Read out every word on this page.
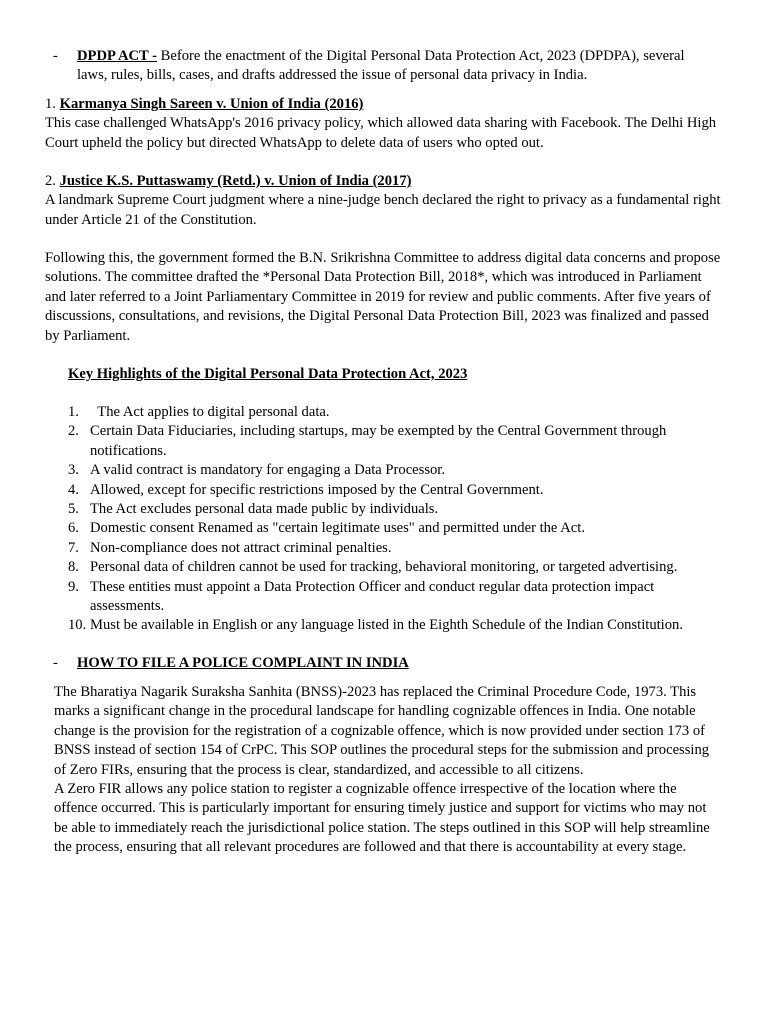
- DPDP ACT - Before the enactment of the Digital Personal Data Protection Act, 2023 (DPDPA), several laws, rules, bills, cases, and drafts addressed the issue of personal data privacy in India.

1. Karmanya Singh Sareen v. Union of India (2016)

This case challenged WhatsApp's 2016 privacy policy, which allowed data sharing with Facebook. The Delhi High Court upheld the policy but directed WhatsApp to delete data of users who opted out.

2. Justice K.S. Puttaswamy (Retd.) v. Union of India (2017)

A landmark Supreme Court judgment where a nine-judge bench declared the right to privacy as a fundamental right under Article 21 of the Constitution.

Following this, the government formed the B.N. Srikrishna Committee to address digital data concerns and propose solutions. The committee drafted the *Personal Data Protection Bill, 2018*, which was introduced in Parliament and later referred to a Joint Parliamentary Committee in 2019 for review and public comments. After five years of discussions, consultations, and revisions, the Digital Personal Data Protection Bill, 2023 was finalized and passed by Parliament.

Key Highlights of the Digital Personal Data Protection Act, 2023

1. The Act applies to digital personal data.
2. Certain Data Fiduciaries, including startups, may be exempted by the Central Government through notifications.
3. A valid contract is mandatory for engaging a Data Processor.
4. Allowed, except for specific restrictions imposed by the Central Government.
5. The Act excludes personal data made public by individuals.
6. Domestic consent Renamed as "certain legitimate uses" and permitted under the Act.
7. Non-compliance does not attract criminal penalties.
8. Personal data of children cannot be used for tracking, behavioral monitoring, or targeted advertising.
9. These entities must appoint a Data Protection Officer and conduct regular data protection impact assessments.
10. Must be available in English or any language listed in the Eighth Schedule of the Indian Constitution.
- HOW TO FILE A POLICE COMPLAINT IN INDIA

The Bharatiya Nagarik Suraksha Sanhita (BNSS)-2023 has replaced the Criminal Procedure Code, 1973. This marks a significant change in the procedural landscape for handling cognizable offences in India. One notable change is the provision for the registration of a cognizable offence, which is now provided under section 173 of BNSS instead of section 154 of CrPC. This SOP outlines the procedural steps for the submission and processing of Zero FIRs, ensuring that the process is clear, standardized, and accessible to all citizens.

A Zero FIR allows any police station to register a cognizable offence irrespective of the location where the offence occurred. This is particularly important for ensuring timely justice and support for victims who may not be able to immediately reach the jurisdictional police station. The steps outlined in this SOP will help streamline the process, ensuring that all relevant procedures are followed and that there is accountability at every stage.
